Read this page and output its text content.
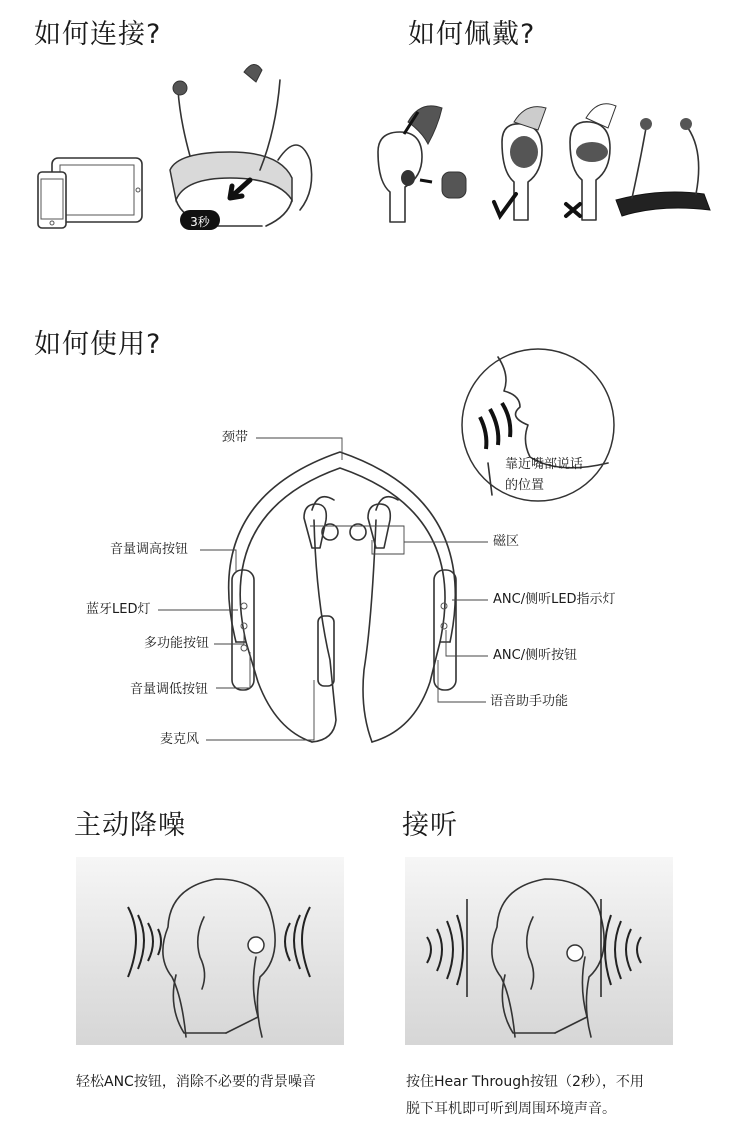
如何连接?
3秒
如何佩戴?
如何使用?
靠近嘴部说话
的位置
颈带
音量调高按钮
蓝牙LED灯
多功能按钮
音量调低按钮
麦克风
磁区
ANC/侧听LED指示灯
ANC/侧听按钮
语音助手功能
主动降噪
轻松ANC按钮，消除不必要的背景噪音
接听
按住Hear Through按钮（2秒），不用
脱下耳机即可听到周围环境声音。
